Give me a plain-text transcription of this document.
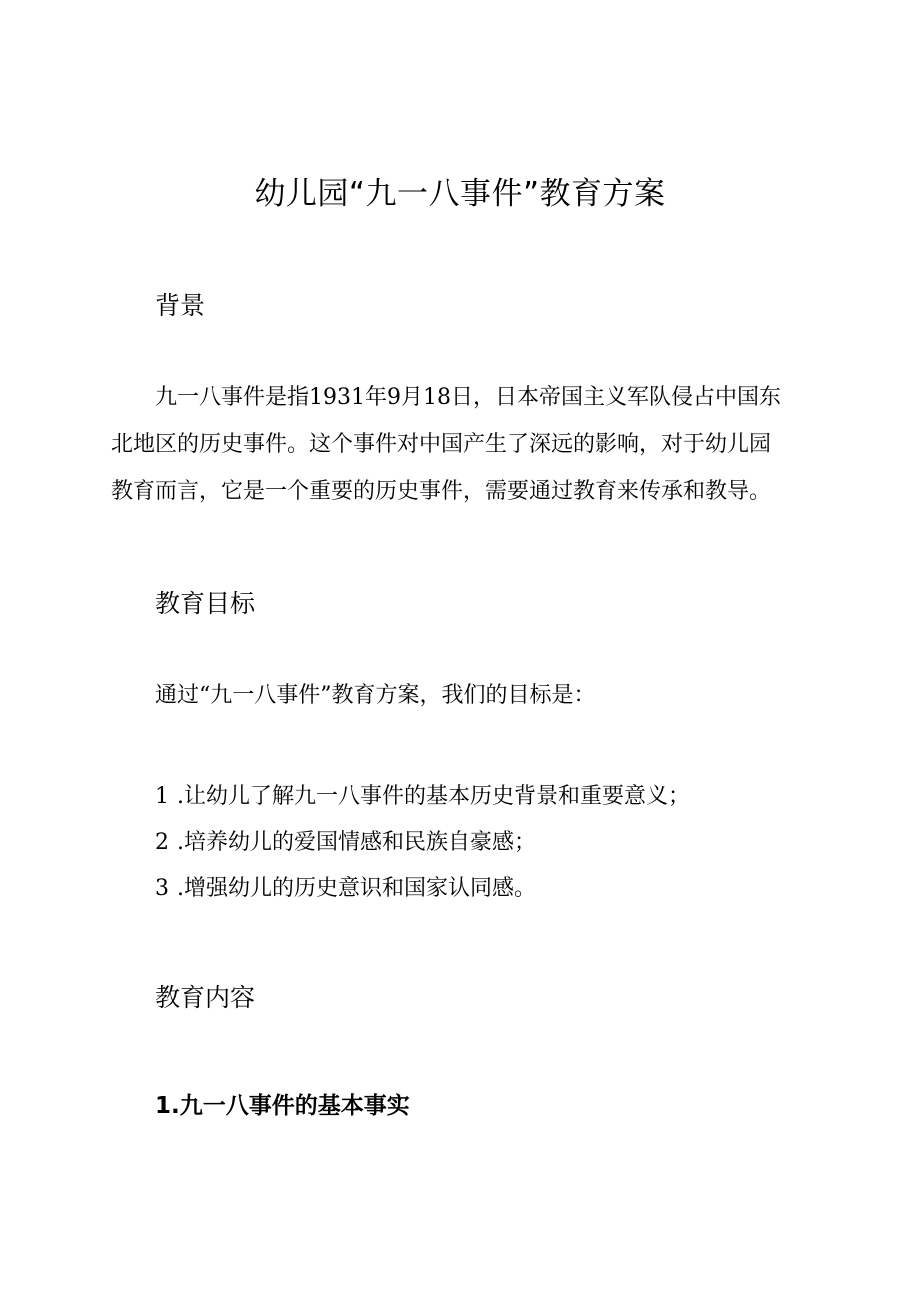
幼儿园“九一八事件”教育方案
背景

九一八事件是指1931年9月18日，日本帝国主义军队侵占中国东
北地区的历史事件。这个事件对中国产生了深远的影响，对于幼儿园
教育而言，它是一个重要的历史事件，需要通过教育来传承和教导。

教育目标

通过“九一八事件”教育方案，我们的目标是：

1 .让幼儿了解九一八事件的基本历史背景和重要意义；
2 .培养幼儿的爱国情感和民族自豪感；
3 .增强幼儿的历史意识和国家认同感。
教育内容
1.九一八事件的基本事实
